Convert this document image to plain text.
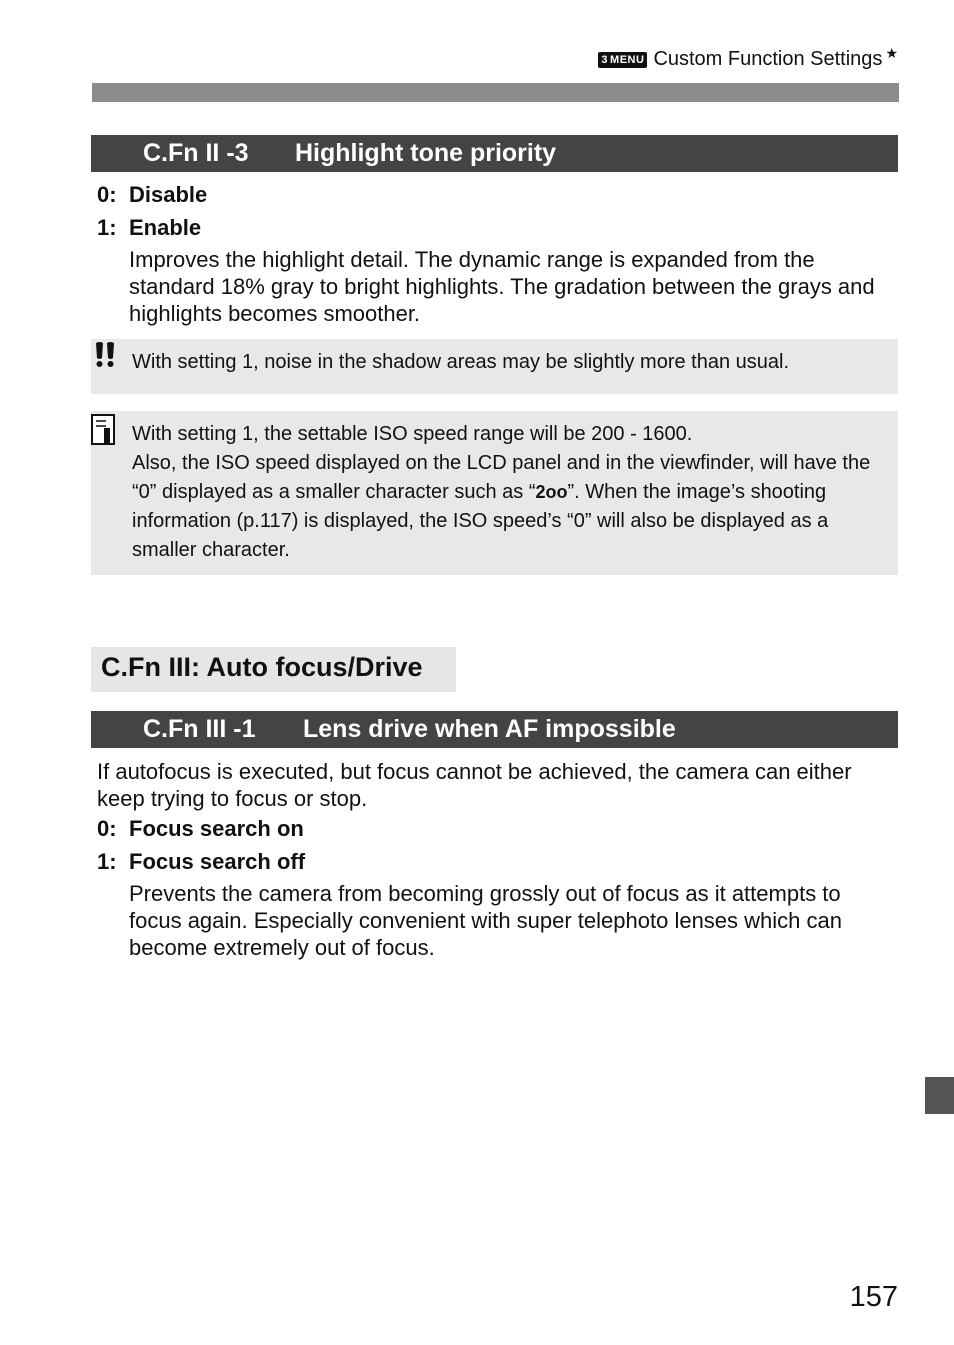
3 MENU Custom Function Settings ★
C.Fn II -3 Highlight tone priority
0: Disable
1: Enable
Improves the highlight detail. The dynamic range is expanded from the standard 18% gray to bright highlights. The gradation between the grays and highlights becomes smoother.
With setting 1, noise in the shadow areas may be slightly more than usual.
With setting 1, the settable ISO speed range will be 200 - 1600.
Also, the ISO speed displayed on the LCD panel and in the viewfinder, will have the “0” displayed as a smaller character such as “2oo”. When the image’s shooting information (p.117) is displayed, the ISO speed’s “0” will also be displayed as a smaller character.
C.Fn III: Auto focus/Drive
C.Fn III -1 Lens drive when AF impossible
If autofocus is executed, but focus cannot be achieved, the camera can either keep trying to focus or stop.
0: Focus search on
1: Focus search off
Prevents the camera from becoming grossly out of focus as it attempts to focus again. Especially convenient with super telephoto lenses which can become extremely out of focus.
157
